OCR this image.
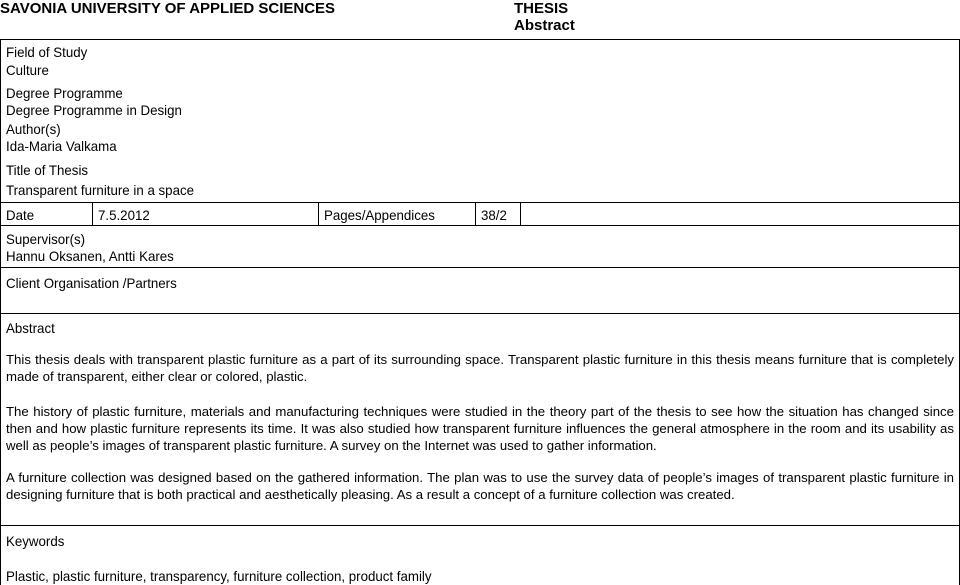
SAVONIA UNIVERSITY OF APPLIED SCIENCES	THESIS
Abstract
Field of Study
Culture
Degree Programme
Degree Programme in Design
Author(s)
Ida-Maria Valkama
Title of Thesis
Transparent furniture in a space
Date	7.5.2012	Pages/Appendices	38/2
Supervisor(s)
Hannu Oksanen, Antti Kares
Client Organisation /Partners
Abstract
This thesis deals with transparent plastic furniture as a part of its surrounding space. Transparent plastic furniture in this thesis means furniture that is completely made of transparent, either clear or colored, plastic.
The history of plastic furniture, materials and manufacturing techniques were studied in the theory part of the thesis to see how the situation has changed since then and how plastic furniture represents its time. It was also studied how transparent furniture influences the general atmosphere in the room and its usability as well as people’s images of transparent plastic furniture. A survey on the Internet was used to gather information.
A furniture collection was designed based on the gathered information. The plan was to use the survey data of people’s images of transparent plastic furniture in designing furniture that is both practical and aesthetically pleasing. As a result a concept of a furniture collection was created.
Keywords
Plastic, plastic furniture, transparency, furniture collection, product family
